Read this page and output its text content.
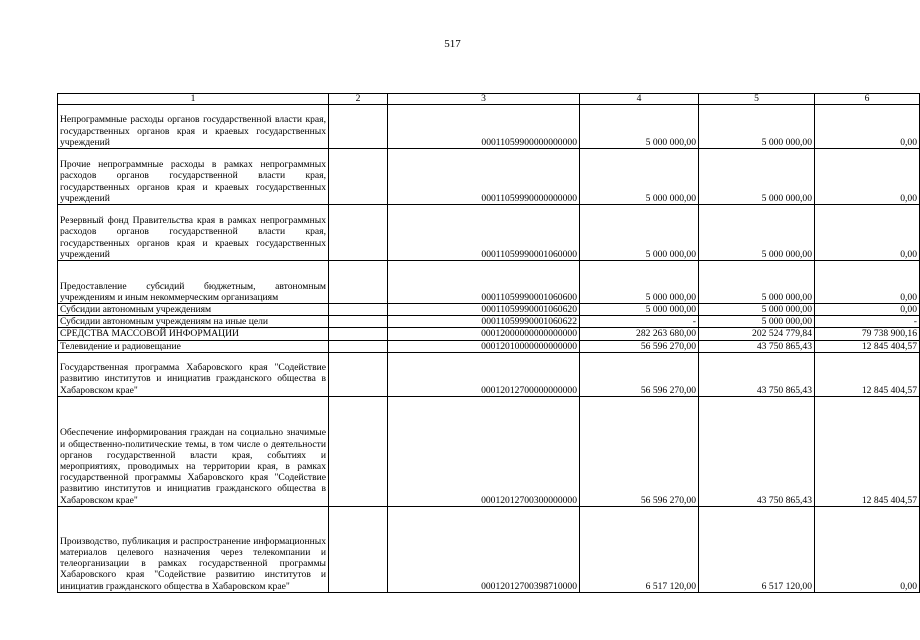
517
1	2	3	4	5	6
Непрограммные расходы органов государственной власти края, государственных органов края и краевых государственных учреждений		00011059900000000000	5 000 000,00	5 000 000,00	0,00
Прочие непрограммные расходы в рамках непрограммных расходов органов государственной власти края, государственных органов края и краевых государственных учреждений		00011059990000000000	5 000 000,00	5 000 000,00	0,00
Резервный фонд Правительства края в рамках непрограммных расходов органов государственной власти края, государственных органов края и краевых государственных учреждений		00011059990001060000	5 000 000,00	5 000 000,00	0,00
Предоставление субсидий бюджетным, автономным учреждениям и иным некоммерческим организациям		00011059990001060600	5 000 000,00	5 000 000,00	0,00
Субсидии автономным учреждениям		00011059990001060620	5 000 000,00	5 000 000,00	0,00
Субсидии автономным учреждениям на иные цели		00011059990001060622	-	5 000 000,00	-
СРЕДСТВА МАССОВОЙ ИНФОРМАЦИИ		00012000000000000000	282 263 680,00	202 524 779,84	79 738 900,16
Телевидение и радиовещание		00012010000000000000	56 596 270,00	43 750 865,43	12 845 404,57
Государственная программа Хабаровского края "Содействие развитию институтов и инициатив гражданского общества в Хабаровском крае"		00012012700000000000	56 596 270,00	43 750 865,43	12 845 404,57
Обеспечение информирования граждан на социально значимые и общественно-политические темы, в том числе о деятельности органов государственной власти края, событиях и мероприятиях, проводимых на территории края, в рамках государственной программы Хабаровского края "Содействие развитию институтов и инициатив гражданского общества в Хабаровском крае"		00012012700300000000	56 596 270,00	43 750 865,43	12 845 404,57
Производство, публикация и распространение информационных материалов целевого назначения через телекомпании и телеорганизации в рамках государственной программы Хабаровского края "Содействие развитию институтов и инициатив гражданского общества в Хабаровском крае"		00012012700398710000	6 517 120,00	6 517 120,00	0,00
